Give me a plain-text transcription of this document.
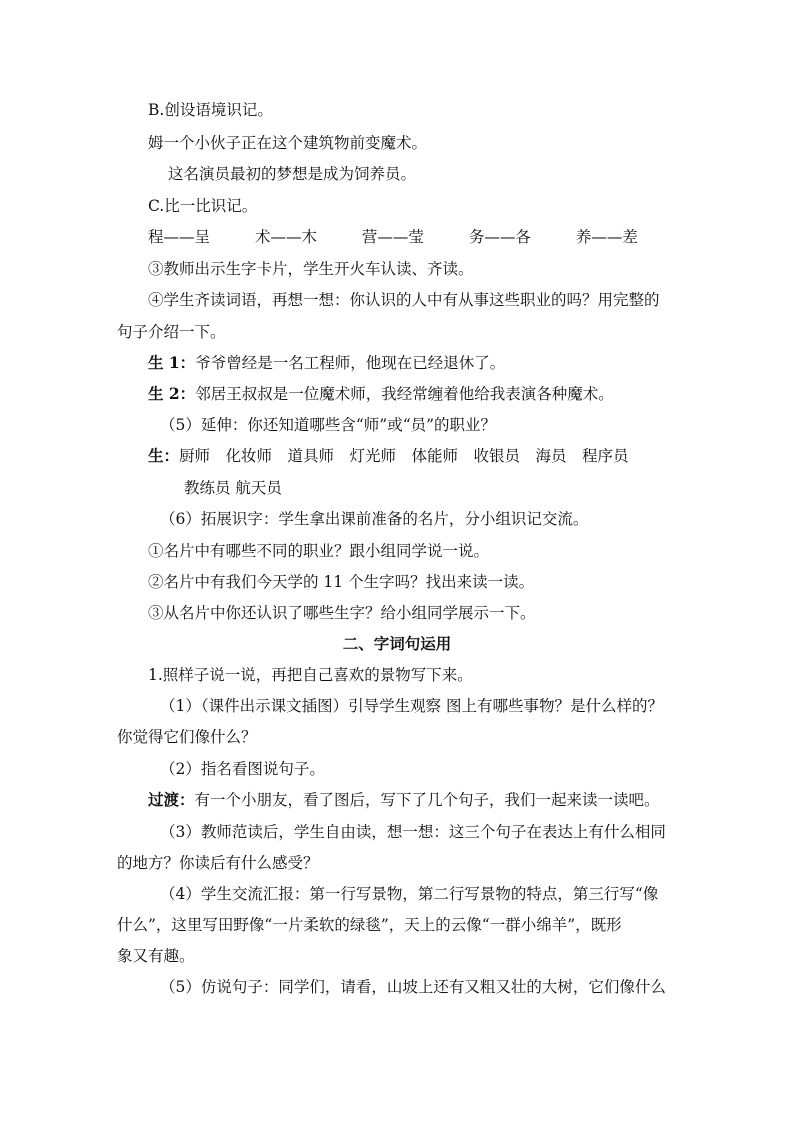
B.创设语境识记。
姆一个小伙子正在这个建筑物前变魔术。
这名演员最初的梦想是成为饲养员。
C.比一比识记。
程——呈	术——木	营——莹	务——各	养——差
③教师出示生字卡片，学生开火车认读、齐读。
④学生齐读词语，再想一想：你认识的人中有从事这些职业的吗？用完整的
句子介绍一下。
生 1：爷爷曾经是一名工程师，他现在已经退休了。
生 2：邻居王叔叔是一位魔术师，我经常缠着他给我表演各种魔术。
（5）延伸：你还知道哪些含“师”或“员”的职业？
生：厨师　化妆师　道具师　灯光师　体能师　收银员　海员　程序员
教练员 航天员
（6）拓展识字：学生拿出课前准备的名片，分小组识记交流。
①名片中有哪些不同的职业？跟小组同学说一说。
②名片中有我们今天学的 11 个生字吗？找出来读一读。
③从名片中你还认识了哪些生字？给小组同学展示一下。
二、字词句运用
1.照样子说一说，再把自己喜欢的景物写下来。
（1）（课件出示课文插图）引导学生观察 图上有哪些事物？是什么样的？
你觉得它们像什么？
（2）指名看图说句子。
过渡：有一个小朋友，看了图后，写下了几个句子，我们一起来读一读吧。
（3）教师范读后，学生自由读，想一想：这三个句子在表达上有什么相同
的地方？你读后有什么感受？
（4）学生交流汇报：第一行写景物，第二行写景物的特点，第三行写“像
什么”，这里写田野像“一片柔软的绿毯”，天上的云像“一群小绵羊”，既形
象又有趣。
（5）仿说句子：同学们，请看，山坡上还有又粗又壮的大树，它们像什么
